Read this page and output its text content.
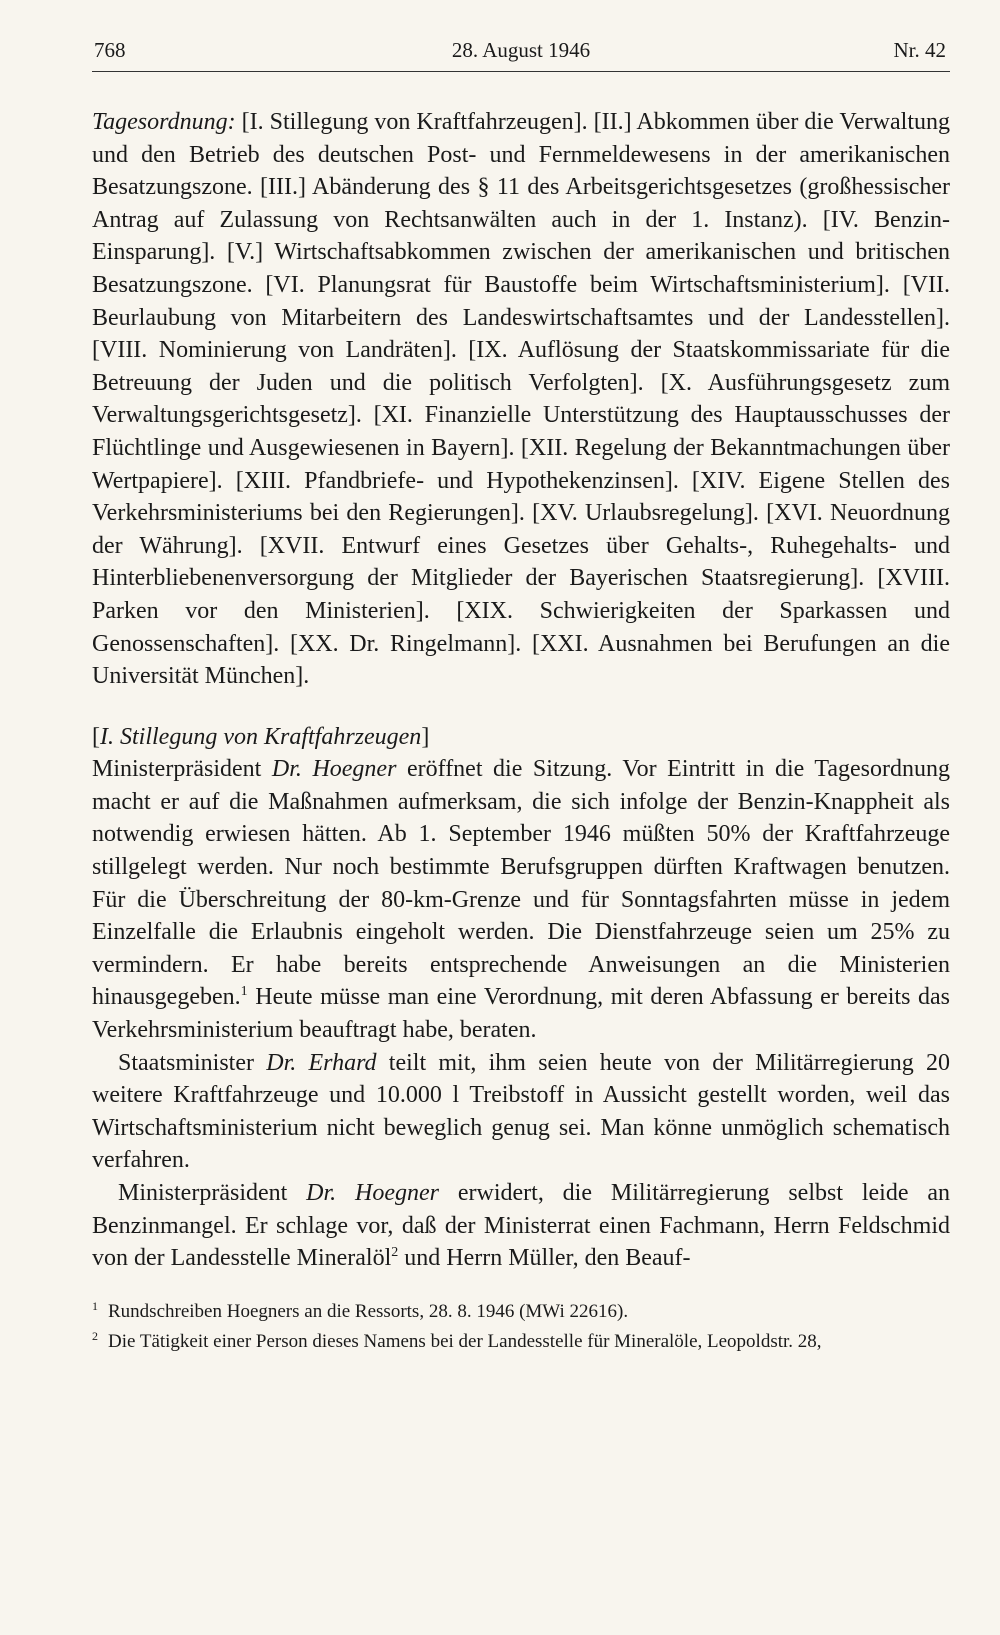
768	28. August 1946	Nr. 42

Tagesordnung: [I. Stillegung von Kraftfahrzeugen]. [II.] Abkommen über die Verwaltung und den Betrieb des deutschen Post- und Fernmeldewesens in der amerikanischen Besatzungszone. [III.] Abänderung des § 11 des Arbeitsgerichtsgesetzes (großhessischer Antrag auf Zulassung von Rechtsanwälten auch in der 1. Instanz). [IV. Benzin-Einsparung]. [V.] Wirtschaftsabkommen zwischen der amerikanischen und britischen Besatzungszone. [VI. Planungsrat für Baustoffe beim Wirtschaftsministerium]. [VII. Beurlaubung von Mitarbeitern des Landeswirtschaftsamtes und der Landesstellen]. [VIII. Nominierung von Landräten]. [IX. Auflösung der Staatskommissariate für die Betreuung der Juden und die politisch Verfolgten]. [X. Ausführungsgesetz zum Verwaltungsgerichtsgesetz]. [XI. Finanzielle Unterstützung des Hauptausschusses der Flüchtlinge und Ausgewiesenen in Bayern]. [XII. Regelung der Bekanntmachungen über Wertpapiere]. [XIII. Pfandbriefe- und Hypothekenzinsen]. [XIV. Eigene Stellen des Verkehrsministeriums bei den Regierungen]. [XV. Urlaubsregelung]. [XVI. Neuordnung der Währung]. [XVII. Entwurf eines Gesetzes über Gehalts-, Ruhegehalts- und Hinterbliebenenversorgung der Mitglieder der Bayerischen Staatsregierung]. [XVIII. Parken vor den Ministerien]. [XIX. Schwierigkeiten der Sparkassen und Genossenschaften]. [XX. Dr. Ringelmann]. [XXI. Ausnahmen bei Berufungen an die Universität München].

[I. Stillegung von Kraftfahrzeugen]

Ministerpräsident Dr. Hoegner eröffnet die Sitzung. Vor Eintritt in die Tagesordnung macht er auf die Maßnahmen aufmerksam, die sich infolge der Benzin-Knappheit als notwendig erwiesen hätten. Ab 1. September 1946 müßten 50% der Kraftfahrzeuge stillgelegt werden. Nur noch bestimmte Berufsgruppen dürften Kraftwagen benutzen. Für die Überschreitung der 80-km-Grenze und für Sonntagsfahrten müsse in jedem Einzelfalle die Erlaubnis eingeholt werden. Die Dienstfahrzeuge seien um 25% zu vermindern. Er habe bereits entsprechende Anweisungen an die Ministerien hinausgegeben.$^1$ Heute müsse man eine Verordnung, mit deren Abfassung er bereits das Verkehrsministerium beauftragt habe, beraten.

Staatsminister Dr. Erhard teilt mit, ihm seien heute von der Militärregierung 20 weitere Kraftfahrzeuge und 10.000 l Treibstoff in Aussicht gestellt worden, weil das Wirtschaftsministerium nicht beweglich genug sei. Man könne unmöglich schematisch verfahren.

Ministerpräsident Dr. Hoegner erwidert, die Militärregierung selbst leide an Benzinmangel. Er schlage vor, daß der Ministerrat einen Fachmann, Herrn Feldschmid von der Landesstelle Mineralöl$^2$ und Herrn Müller, den Beauf-

1 Rundschreiben Hoegners an die Ressorts, 28. 8. 1946 (MWi 22616).
2 Die Tätigkeit einer Person dieses Namens bei der Landesstelle für Mineralöle, Leopoldstr. 28,
